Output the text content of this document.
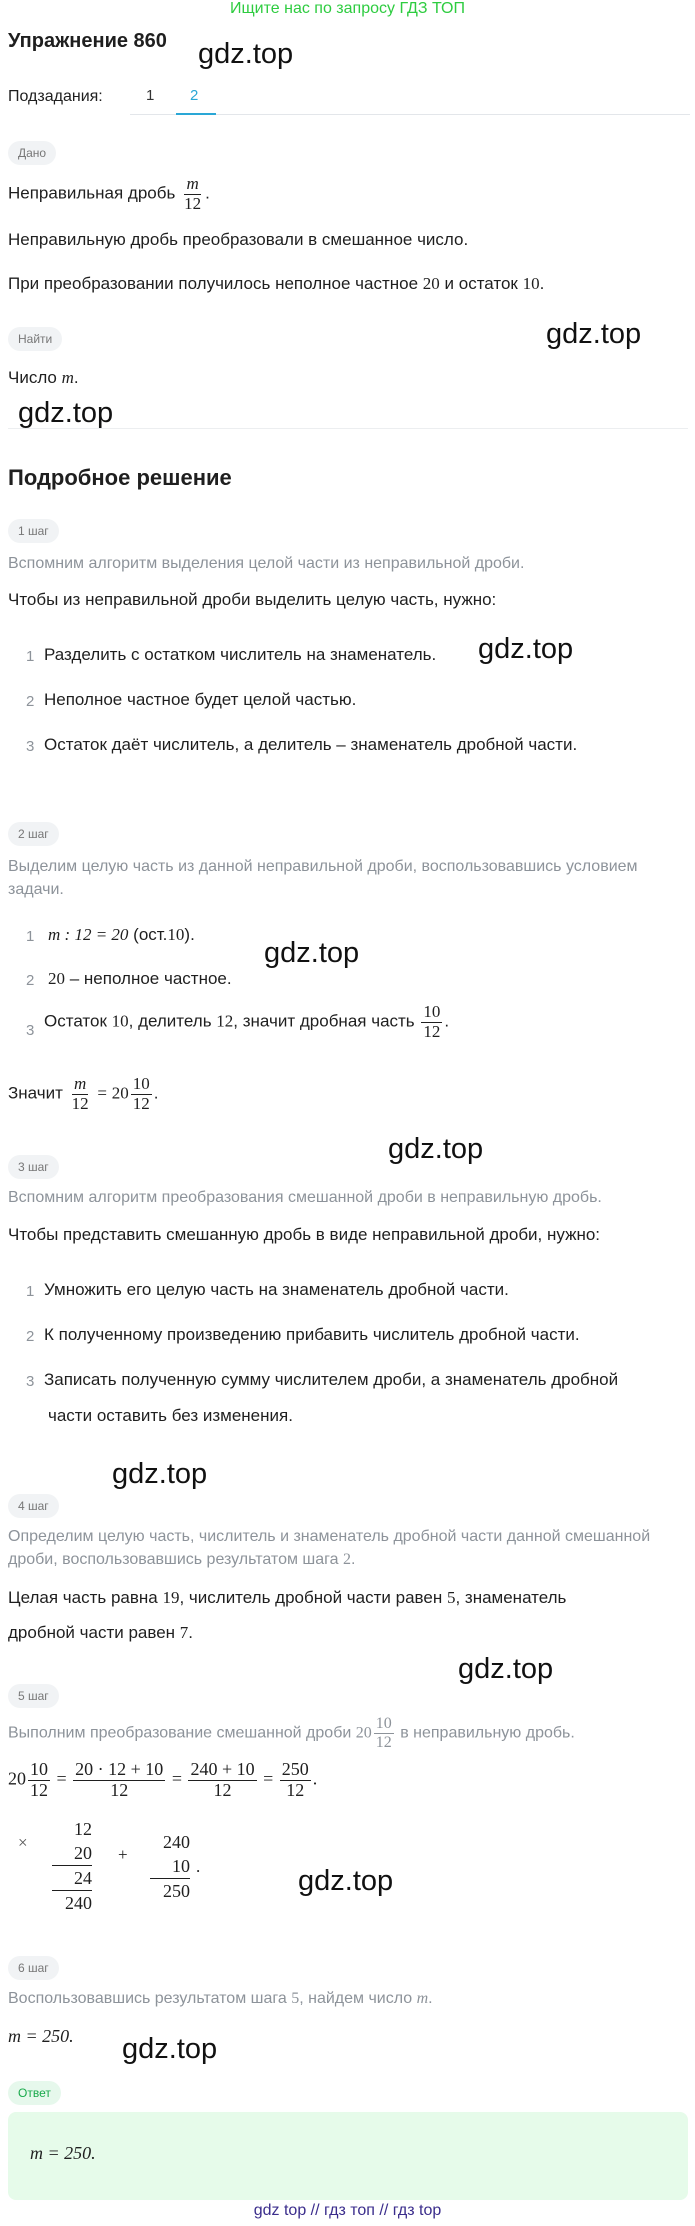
Ищите нас по запросу ГДЗ ТОП
Упражнение 860
Подзадания:	1 2
Дано
Неправильная дробь $\frac{m}{12}$ .
Неправильную дробь преобразовали в смешанное число.
При преобразовании получилось неполное частное 20 и остаток 10.
Найти
Число m.
Подробное решение
1 шаг
Вспомним алгоритм выделения целой части из неправильной дроби.
Чтобы из неправильной дроби выделить целую часть, нужно:
1 Разделить с остатком числитель на знаменатель.
2 Неполное частное будет целой частью.
3 Остаток даёт числитель, а делитель – знаменатель дробной части.
2 шаг
Выделим целую часть из данной неправильной дроби, воспользовавшись условием
задачи.
1 m : 12 = 20 (ост.10).
2 20 – неполное частное.
3 Остаток 10, делитель 12, значит дробная часть $\frac{10}{12}$ .
Значит $\frac{m}{12} = 20 \frac{10}{12}$ .
3 шаг
Вспомним алгоритм преобразования смешанной дроби в неправильную дробь.
Чтобы представить смешанную дробь в виде неправильной дроби, нужно:
1 Умножить его целую часть на знаменатель дробной части.
2 К полученному произведению прибавить числитель дробной части.
3 Записать полученную сумму числителем дроби, а знаменатель дробной
части оставить без изменения.
4 шаг
Определим целую часть, числитель и знаменатель дробной части данной смешанной
дроби, воспользовавшись результатом шага 2.
Целая часть равна 19, числитель дробной части равен 5, знаменатель
дробной части равен 7.
5 шаг
Выполним преобразование смешанной дроби $20 \frac{10}{12}$ в неправильную дробь.
$20 \frac{10}{12} = \frac{20 \cdot 12 + 10}{12} = \frac{240 + 10}{12} = \frac{250}{12}$ .
×
12
20
24
240
+
240
10
250
.
6 шаг
Воспользовавшись результатом шага 5, найдем число m.
m = 250.
Ответ
m = 250.
gdz top // гдз топ // гдз top
gdz.top
gdz.top
gdz.top
gdz.top
gdz.top
gdz.top
gdz.top
gdz.top
gdz.top
gdz.top
